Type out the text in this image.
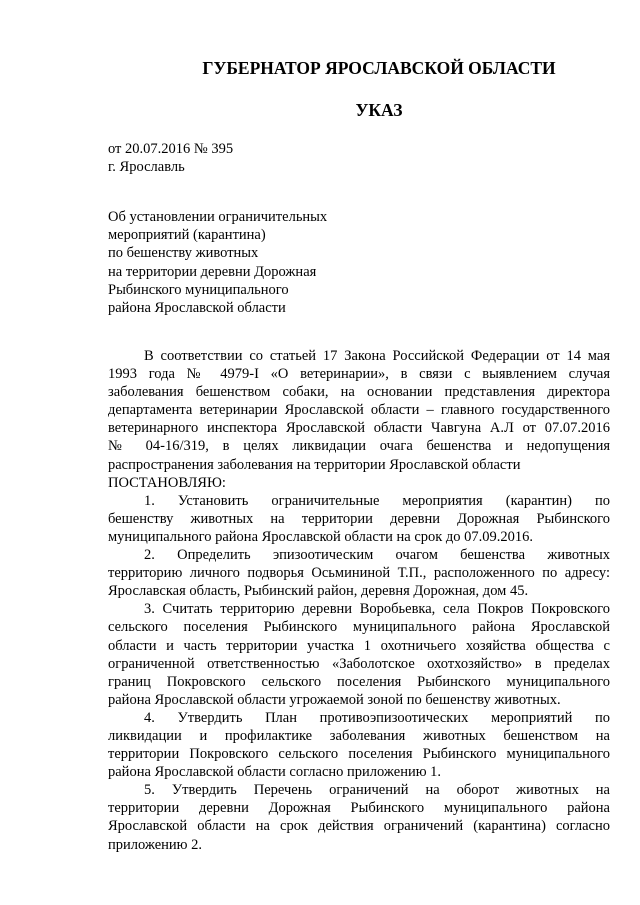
ГУБЕРНАТОР ЯРОСЛАВСКОЙ ОБЛАСТИ
УКАЗ
от 20.07.2016 № 395
г. Ярославль
Об установлении ограничительных
мероприятий (карантина)
по бешенству животных
на территории деревни Дорожная
Рыбинского муниципального
района Ярославской области
В соответствии со статьей 17 Закона Российской Федерации от 14 мая
1993 года № 4979-I «О ветеринарии», в связи с выявлением случая
заболевания бешенством собаки, на основании представления директора
департамента ветеринарии Ярославской области – главного государственного
ветеринарного инспектора Ярославской области Чавгуна А.Л от 07.07.2016
№ 04-16/319, в целях ликвидации очага бешенства и недопущения
распространения заболевания на территории Ярославской области
ПОСТАНОВЛЯЮ:
1. Установить ограничительные мероприятия (карантин) по
бешенству животных на территории деревни Дорожная Рыбинского
муниципального района Ярославской области на срок до 07.09.2016.
2. Определить эпизоотическим очагом бешенства животных
территорию личного подворья Осьмининой Т.П., расположенного по адресу:
Ярославская область, Рыбинский район, деревня Дорожная, дом 45.
3. Считать территорию деревни Воробьевка, села Покров Покровского
сельского поселения Рыбинского муниципального района Ярославской
области и часть территории участка 1 охотничьего хозяйства общества с
ограниченной ответственностью «Заболотское охотхозяйство» в пределах
границ Покровского сельского поселения Рыбинского муниципального
района Ярославской области угрожаемой зоной по бешенству животных.
4. Утвердить План противоэпизоотических мероприятий по
ликвидации и профилактике заболевания животных бешенством на
территории Покровского сельского поселения Рыбинского муниципального
района Ярославской области согласно приложению 1.
5. Утвердить Перечень ограничений на оборот животных на
территории деревни Дорожная Рыбинского муниципального района
Ярославской области на срок действия ограничений (карантина) согласно
приложению 2.
